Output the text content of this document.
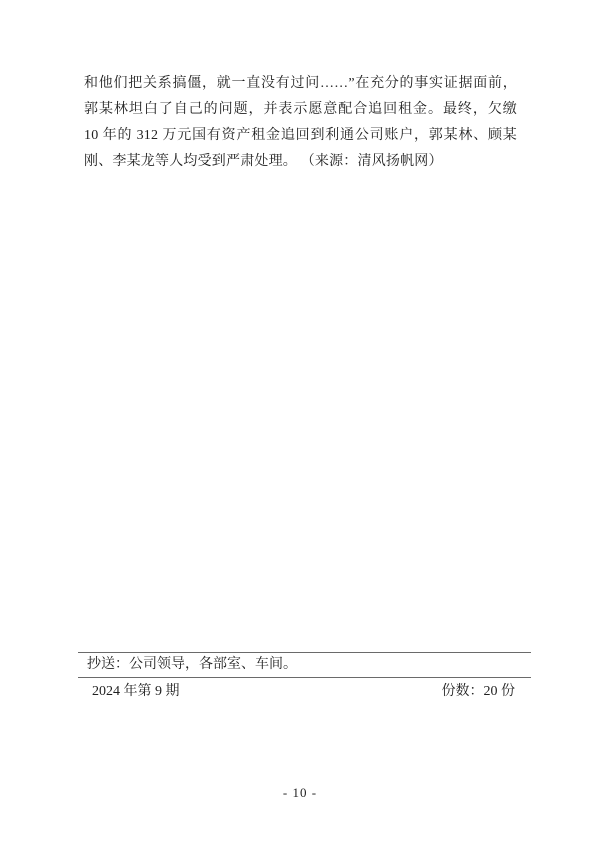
和他们把关系搞僵，就一直没有过问……”在充分的事实证据面前，
郭某林坦白了自己的问题，并表示愿意配合追回租金。最终，欠缴
10 年的 312 万元国有资产租金追回到利通公司账户，郭某林、顾某
刚、李某龙等人均受到严肃处理。 （来源：清风扬帆网）
抄送：公司领导，各部室、车间。
2024 年第 9 期	份数：20 份
- 10 -
